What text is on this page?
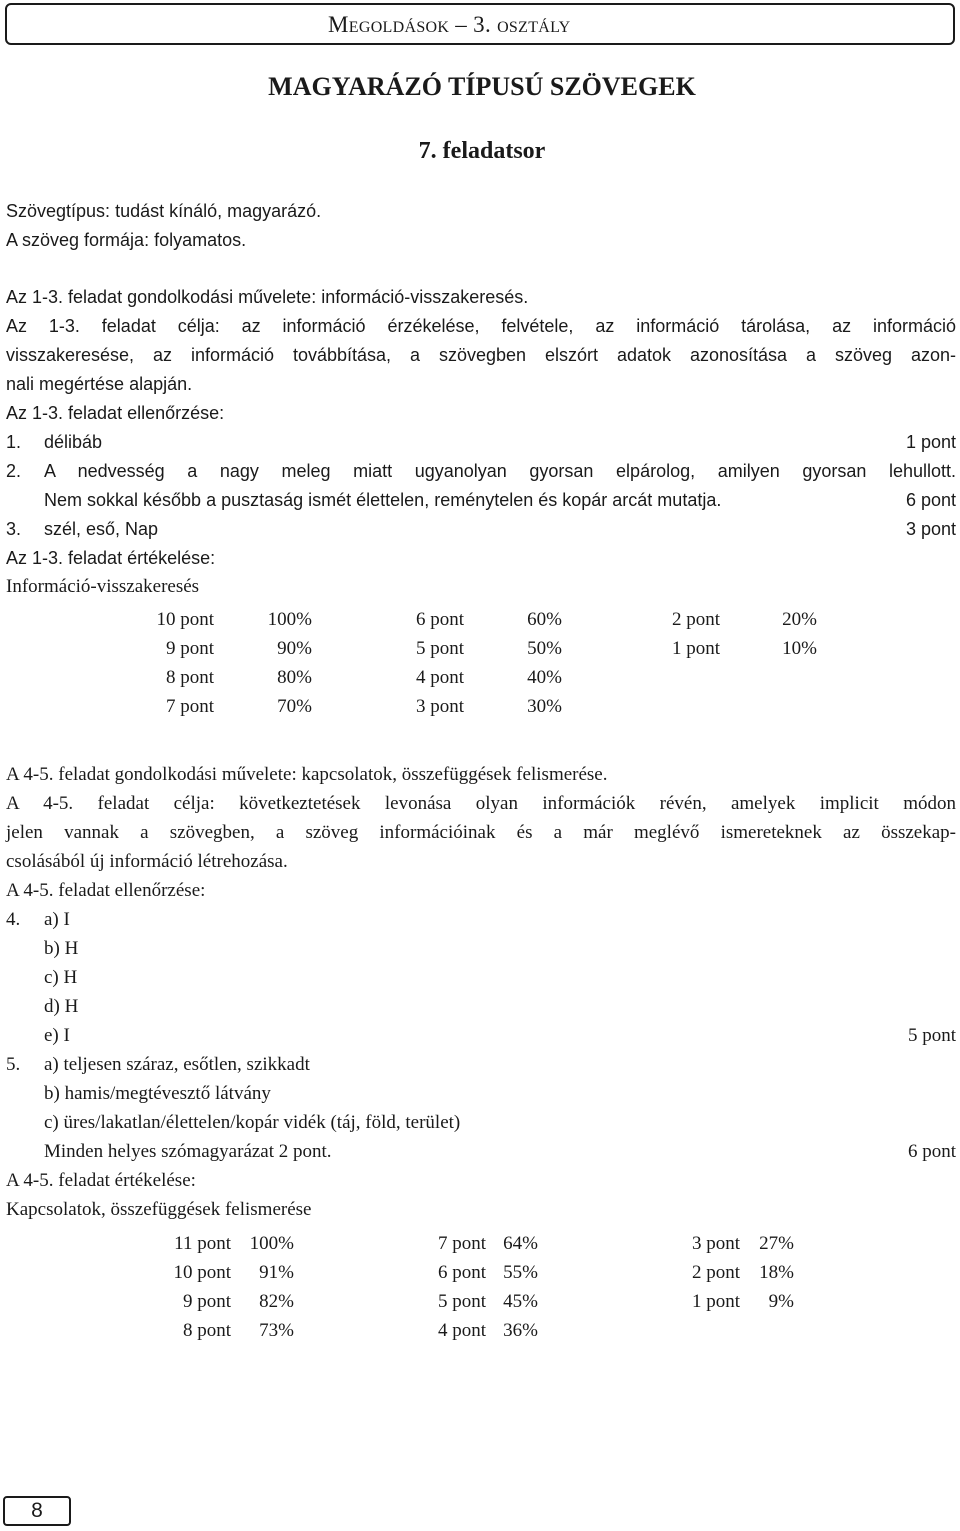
Megoldások – 3. osztály
MAGYARÁZÓ TÍPUSÚ SZÖVEGEK
7. feladatsor
Szövegtípus: tudást kínáló, magyarázó.
A szöveg formája: folyamatos.
Az 1-3. feladat gondolkodási művelete: információ-visszakeresés.
Az 1-3. feladat célja: az információ érzékelése, felvétele, az információ tárolása, az információ
visszakeresése, az információ továbbítása, a szövegben elszórt adatok azonosítása a szöveg azon-
nali megértése alapján.
Az 1-3. feladat ellenőrzése:
1. délibáb	1 pont
2. A nedvesség a nagy meleg miatt ugyanolyan gyorsan elpárolog, amilyen gyorsan lehullott.
Nem sokkal később a pusztaság ismét élettelen, reménytelen és kopár arcát mutatja.	6 pont
3. szél, eső, Nap	3 pont
Az 1-3. feladat értékelése:
Információ-visszakeresés
10 pont	100%	6 pont	60%	2 pont	20%
9 pont	90%	5 pont	50%	1 pont	10%
8 pont	80%	4 pont	40%
7 pont	70%	3 pont	30%
A 4-5. feladat gondolkodási művelete: kapcsolatok, összefüggések felismerése.
A 4-5. feladat célja: következtetések levonása olyan információk révén, amelyek implicit módon
jelen vannak a szövegben, a szöveg információinak és a már meglévő ismereteknek az összekap-
csolásából új információ létrehozása.
A 4-5. feladat ellenőrzése:
4. a) I
b) H
c) H
d) H
e) I	5 pont
5. a) teljesen száraz, esőtlen, szikkadt
b) hamis/megtévesztő látvány
c) üres/lakatlan/élettelen/kopár vidék (táj, föld, terület)
Minden helyes szómagyarázat 2 pont.	6 pont
A 4-5. feladat értékelése:
Kapcsolatok, összefüggések felismerése
11 pont 100%	7 pont 64%	3 pont	27%
10 pont	91%	6 pont 55%	2 pont	18%
9 pont	82%	5 pont 45%	1 pont	9%
8 pont	73%	4 pont 36%
8
